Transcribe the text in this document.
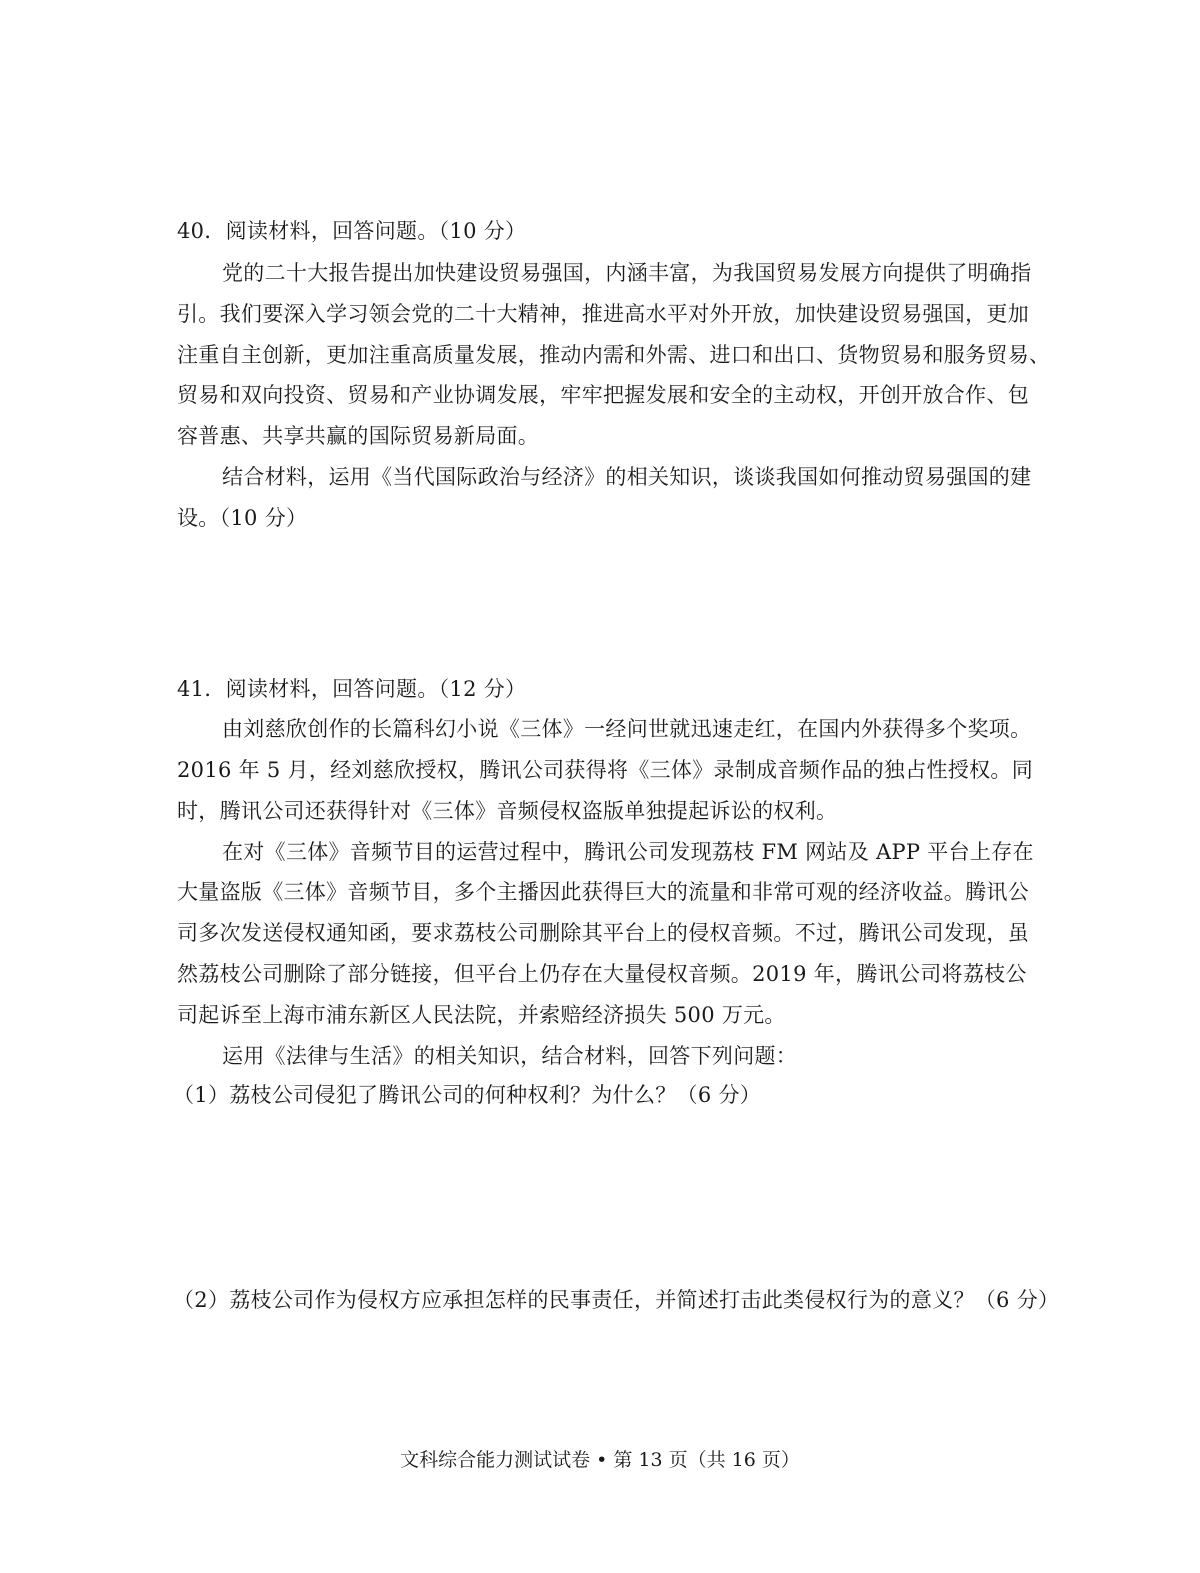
40．阅读材料，回答问题。（10 分）
党的二十大报告提出加快建设贸易强国，内涵丰富，为我国贸易发展方向提供了明确指
引。我们要深入学习领会党的二十大精神，推进高水平对外开放，加快建设贸易强国，更加
注重自主创新，更加注重高质量发展，推动内需和外需、进口和出口、货物贸易和服务贸易、
贸易和双向投资、贸易和产业协调发展，牢牢把握发展和安全的主动权，开创开放合作、包
容普惠、共享共赢的国际贸易新局面。
结合材料，运用《当代国际政治与经济》的相关知识，谈谈我国如何推动贸易强国的建
设。（10 分）
41．阅读材料，回答问题。（12 分）
由刘慈欣创作的长篇科幻小说《三体》一经问世就迅速走红，在国内外获得多个奖项。
2016 年 5 月，经刘慈欣授权，腾讯公司获得将《三体》录制成音频作品的独占性授权。同
时，腾讯公司还获得针对《三体》音频侵权盗版单独提起诉讼的权利。
在对《三体》音频节目的运营过程中，腾讯公司发现荔枝 FM 网站及 APP 平台上存在
大量盗版《三体》音频节目，多个主播因此获得巨大的流量和非常可观的经济收益。腾讯公
司多次发送侵权通知函，要求荔枝公司删除其平台上的侵权音频。不过，腾讯公司发现，虽
然荔枝公司删除了部分链接，但平台上仍存在大量侵权音频。2019 年，腾讯公司将荔枝公
司起诉至上海市浦东新区人民法院，并索赔经济损失 500 万元。
运用《法律与生活》的相关知识，结合材料，回答下列问题：
（1）荔枝公司侵犯了腾讯公司的何种权利？为什么？（6 分）
（2）荔枝公司作为侵权方应承担怎样的民事责任，并简述打击此类侵权行为的意义？（6 分）
文科综合能力测试试卷 • 第 13 页（共 16 页）
